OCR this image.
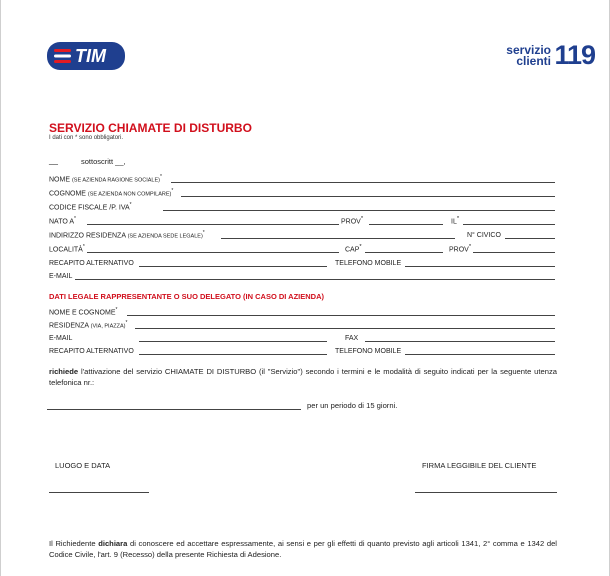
TIM	servizio
clienti 119
SERVIZIO CHIAMATE DI DISTURBO
I dati con * sono obbligatori.
__	sottoscritt __,
NOME (SE AZIENDA RAGIONE SOCIALE)*
COGNOME (SE AZIENDA NON COMPILARE)*
CODICE FISCALE /P. IVA*
NATO A*	PROV*	IL*
INDIRIZZO RESIDENZA (SE AZIENDA SEDE LEGALE)*	N° CIVICO
LOCALITÀ*	CAP*	PROV*
RECAPITO ALTERNATIVO	TELEFONO MOBILE
E-MAIL
DATI LEGALE RAPPRESENTANTE O SUO DELEGATO (IN CASO DI AZIENDA)
NOME E COGNOME*
RESIDENZA (VIA, PIAZZA)*
E-MAIL	FAX
RECAPITO ALTERNATIVO	TELEFONO MOBILE
richiede l'attivazione del servizio CHIAMATE DI DISTURBO (il "Servizio") secondo i termini e le modalità di seguito indicati per la seguente utenza telefonica nr.:
per un periodo di 15 giorni.
LUOGO E DATA	FIRMA LEGGIBILE DEL CLIENTE
Il Richiedente dichiara di conoscere ed accettare espressamente, ai sensi e per gli effetti di quanto previsto agli articoli 1341, 2° comma e 1342 del Codice Civile, l'art. 9 (Recesso) della presente Richiesta di Adesione.
